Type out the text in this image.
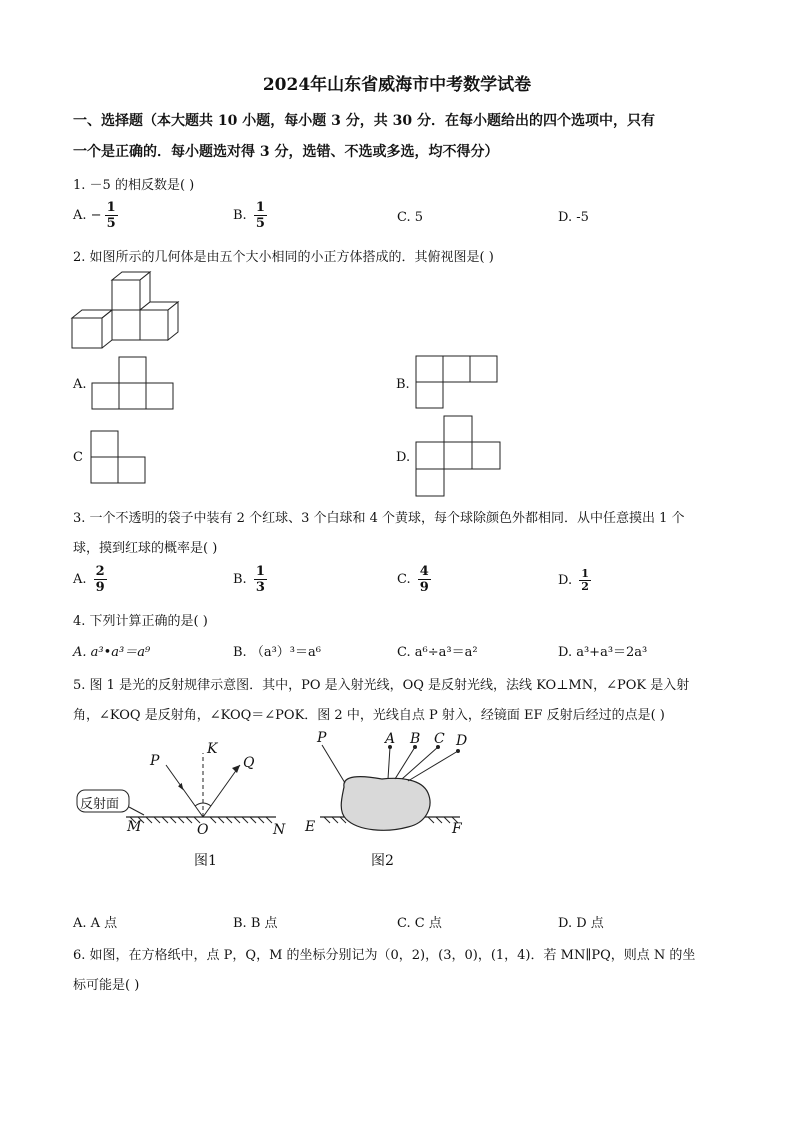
2024年山东省威海市中考数学试卷
一、选择题（本大题共 10 小题，每小题 3 分，共 30 分．在每小题给出的四个选项中，只有
一个是正确的．每小题选对得 3 分，选错、不选或多选，均不得分）
1. －5 的相反数是( )
A. − $\frac{1}{5}$	B. $\frac{1}{5}$	C. 5	D. -5
2. 如图所示的几何体是由五个大小相同的小正方体搭成的．其俯视图是( )
A.	B.
C	D.
3. 一个不透明的袋子中装有 2 个红球、3 个白球和 4 个黄球，每个球除颜色外都相同．从中任意摸出 1 个
球，摸到红球的概率是( )
A. $\frac{2}{9}$	B. $\frac{1}{3}$	C. $\frac{4}{9}$	D. $\frac{1}{2}$
4. 下列计算正确的是( )
A. a³•a³＝a⁹	B. （a³）³＝a⁶	C. a⁶÷a³＝a²	D. a³+a³＝2a³
5. 图 1 是光的反射规律示意图．其中，PO 是入射光线，OQ 是反射光线，法线 KO⊥MN，∠POK 是入射
角，∠KOQ 是反射角，∠KOQ＝∠POK．图 2 中，光线自点 P 射入，经镜面 EF 反射后经过的点是( )
P
K
Q
反射面
M	O	N
图1
P	A B C D
E	F
图2
A. A 点	B. B 点	C. C 点	D. D 点
6. 如图，在方格纸中，点 P，Q，M 的坐标分别记为（0，2)，(3，0)，(1，4)．若 MN∥PQ，则点 N 的坐
标可能是( )
